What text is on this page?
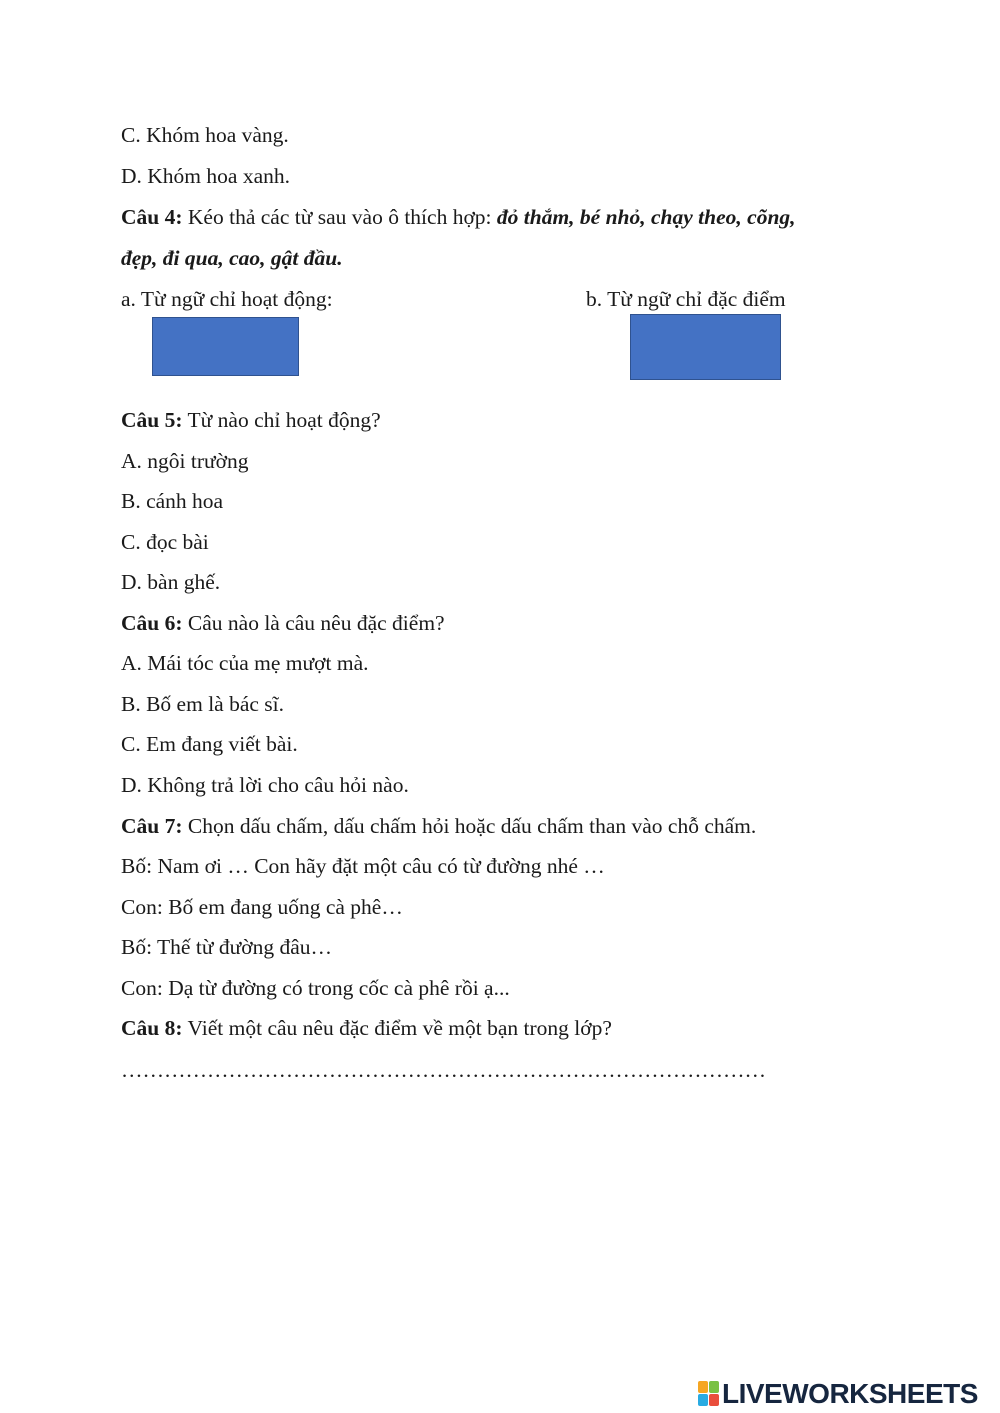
C. Khóm hoa vàng.
D. Khóm hoa xanh.
Câu 4: Kéo thả các từ sau vào ô thích hợp: đỏ thắm, bé nhỏ, chạy theo, cõng,
đẹp, đi qua, cao, gật đầu.
a. Từ ngữ chỉ hoạt động:	b. Từ ngữ chỉ đặc điểm
Câu 5: Từ nào chỉ hoạt động?
A. ngôi trường
B. cánh hoa
C. đọc bài
D. bàn ghế.
Câu 6: Câu nào là câu nêu đặc điểm?
A. Mái tóc của mẹ mượt mà.
B. Bố em là bác sĩ.
C. Em đang viết bài.
D. Không trả lời cho câu hỏi nào.
Câu 7: Chọn dấu chấm, dấu chấm hỏi hoặc dấu chấm than vào chỗ chấm.
Bố: Nam ơi … Con hãy đặt một câu có từ đường nhé …
Con: Bố em đang uống cà phê…
Bố: Thế từ đường đâu…
Con: Dạ từ đường có trong cốc cà phê rồi ạ...
Câu 8: Viết một câu nêu đặc điểm về một bạn trong lớp?
………………………………………………………………………………
LIVEWORKSHEETS
